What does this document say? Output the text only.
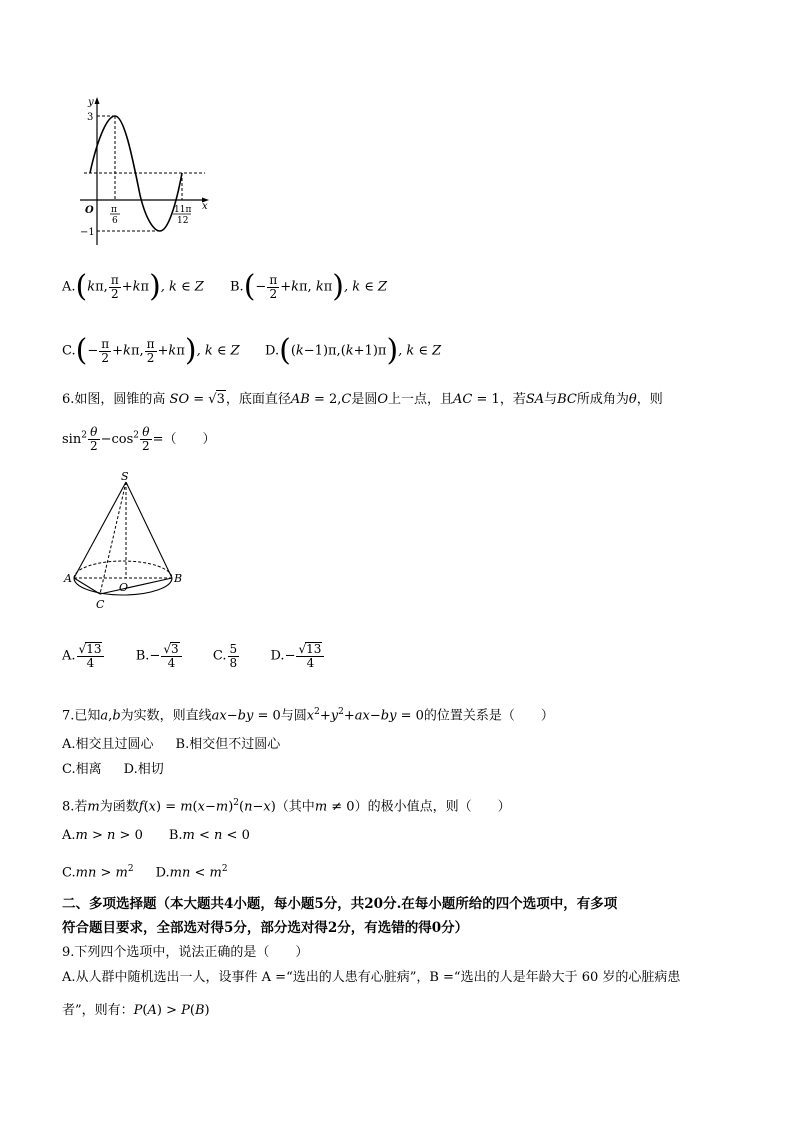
y
x
3
−1
O π
6
11π
12
A.(kπ, $\frac{\pi}{2} +k\pi$), k ∈ Z $B.(- \frac{\pi}{2} +k\pi$, kπ), k ∈ Z
$C.(- \frac{\pi}{2} +k\pi$, $\frac{\pi}{2} +k\pi$), k ∈ Z D.((k−1)π,(k+1)π), k ∈ Z
6.如图，圆锥的高 SO = √3，底面直径AB = 2,C是圆O上一点，且AC = 1，若SA与BC所成角为θ，则
$\sin^2 \frac{\theta}{2} -\cos^2 \frac{\theta}{2}$ =（　　）
S
A	B
O
C
A. $\frac{√13}{4} B.- \frac{√3}{4} C$. $\frac{5}{8} D.- \frac{√13}{4}$
7.已知a,b为实数，则直线ax−by = 0与圆$x^2+y^2+ax-by = 0$的位置关系是（　　）
A.相交且过圆心 B.相交但不过圆心
C.相离 D.相切
8.若m为函数$f(x) = m(x-m)^2(n-x)$（其中m ≠ 0）的极小值点，则（　　）
A.m > n > 0 B.m < n < 0
$C.mn > m^2$ $D.mn < m^2$
二、多项选择题（本大题共4小题，每小题5分，共20分.在每小题所给的四个选项中，有多项
符合题目要求，全部选对得5分，部分选对得2分，有选错的得0分）
9.下列四个选项中，说法正确的是（　　）
A.从人群中随机选出一人，设事件 A =“选出的人患有心脏病”，B =“选出的人是年龄大于 60 岁的心脏病患
者”，则有：P(A) > P(B)
